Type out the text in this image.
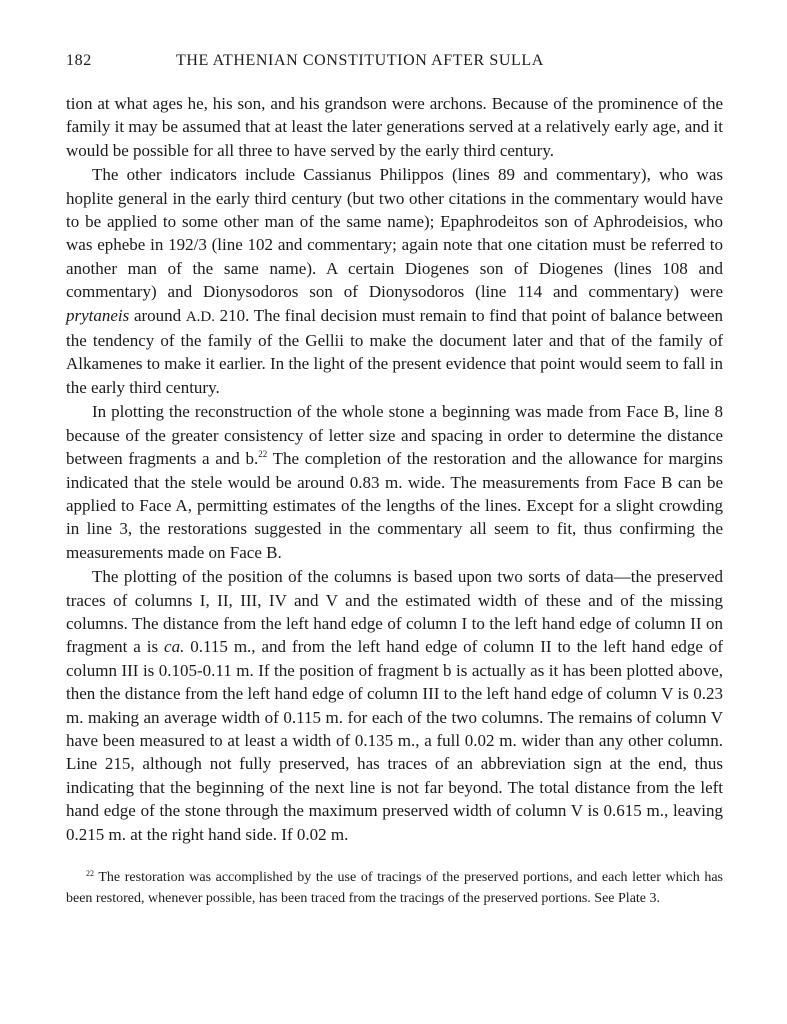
182	THE ATHENIAN CONSTITUTION AFTER SULLA

tion at what ages he, his son, and his grandson were archons. Because of the prominence of the family it may be assumed that at least the later generations served at a relatively early age, and it would be possible for all three to have served by the early third century.

The other indicators include Cassianus Philippos (lines 89 and commentary), who was hoplite general in the early third century (but two other citations in the commentary would have to be applied to some other man of the same name); Epaphrodeitos son of Aphrodeisios, who was ephebe in 192/3 (line 102 and commentary; again note that one citation must be referred to another man of the same name). A certain Diogenes son of Diogenes (lines 108 and commentary) and Dionysodoros son of Dionysodoros (line 114 and commentary) were prytaneis around A.D. 210. The final decision must remain to find that point of balance between the tendency of the family of the Gellii to make the document later and that of the family of Alkamenes to make it earlier. In the light of the present evidence that point would seem to fall in the early third century.

In plotting the reconstruction of the whole stone a beginning was made from Face B, line 8 because of the greater consistency of letter size and spacing in order to determine the distance between fragments a and b.$^{22}$ The completion of the restoration and the allowance for margins indicated that the stele would be around 0.83 m. wide. The measurements from Face B can be applied to Face A, permitting estimates of the lengths of the lines. Except for a slight crowding in line 3, the restorations suggested in the commentary all seem to fit, thus confirming the measurements made on Face B.

The plotting of the position of the columns is based upon two sorts of data—the preserved traces of columns I, II, III, IV and V and the estimated width of these and of the missing columns. The distance from the left hand edge of column I to the left hand edge of column II on fragment a is ca. 0.115 m., and from the left hand edge of column II to the left hand edge of column III is 0.105-0.11 m. If the position of fragment b is actually as it has been plotted above, then the distance from the left hand edge of column III to the left hand edge of column V is 0.23 m. making an average width of 0.115 m. for each of the two columns. The remains of column V have been measured to at least a width of 0.135 m., a full 0.02 m. wider than any other column. Line 215, although not fully preserved, has traces of an abbreviation sign at the end, thus indicating that the beginning of the next line is not far beyond. The total distance from the left hand edge of the stone through the maximum preserved width of column V is 0.615 m., leaving 0.215 m. at the right hand side. If 0.02 m.

$^{22}$ The restoration was accomplished by the use of tracings of the preserved portions, and each letter which has been restored, whenever possible, has been traced from the tracings of the preserved portions. See Plate 3.
